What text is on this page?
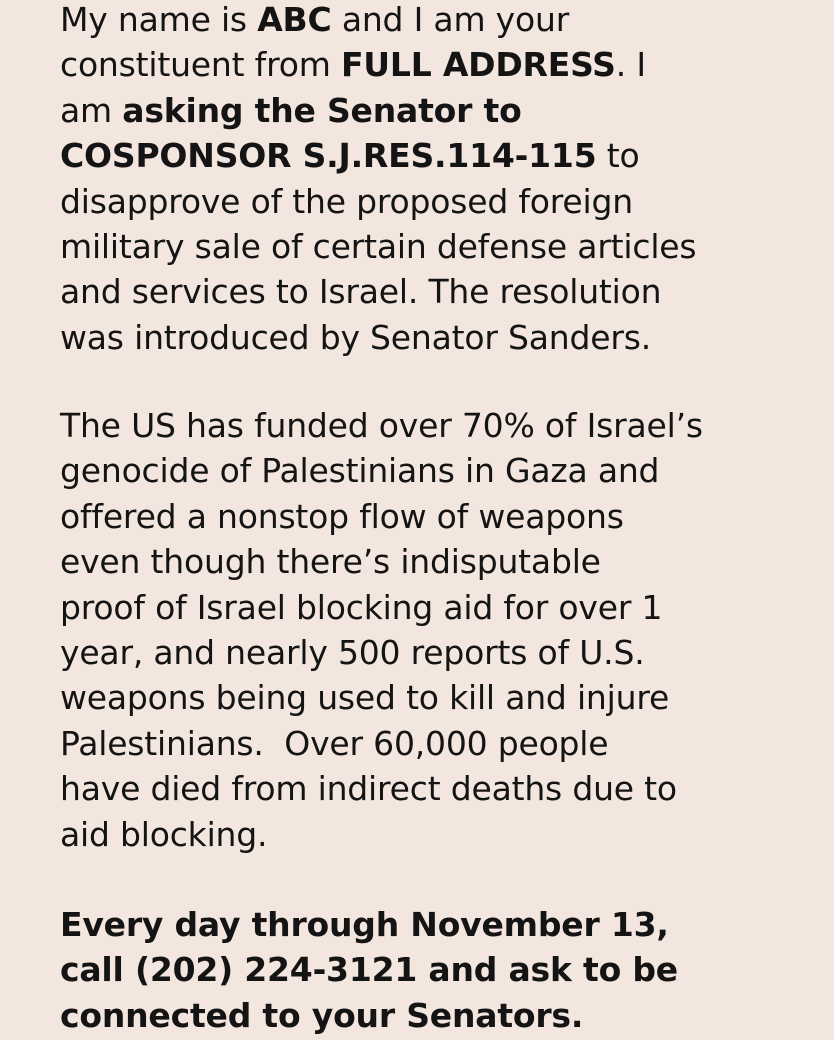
My name is ABC and I am your
constituent from FULL ADDRESS. I
am asking the Senator to
COSPONSOR S.J.RES.114-115 to
disapprove of the proposed foreign
military sale of certain defense articles
and services to Israel. The resolution
was introduced by Senator Sanders.

The US has funded over 70% of Israel’s
genocide of Palestinians in Gaza and
offered a nonstop flow of weapons
even though there’s indisputable
proof of Israel blocking aid for over 1
year, and nearly 500 reports of U.S.
weapons being used to kill and injure
Palestinians.  Over 60,000 people
have died from indirect deaths due to
aid blocking.

Every day through November 13,
call (202) 224-3121 and ask to be
connected to your Senators.
